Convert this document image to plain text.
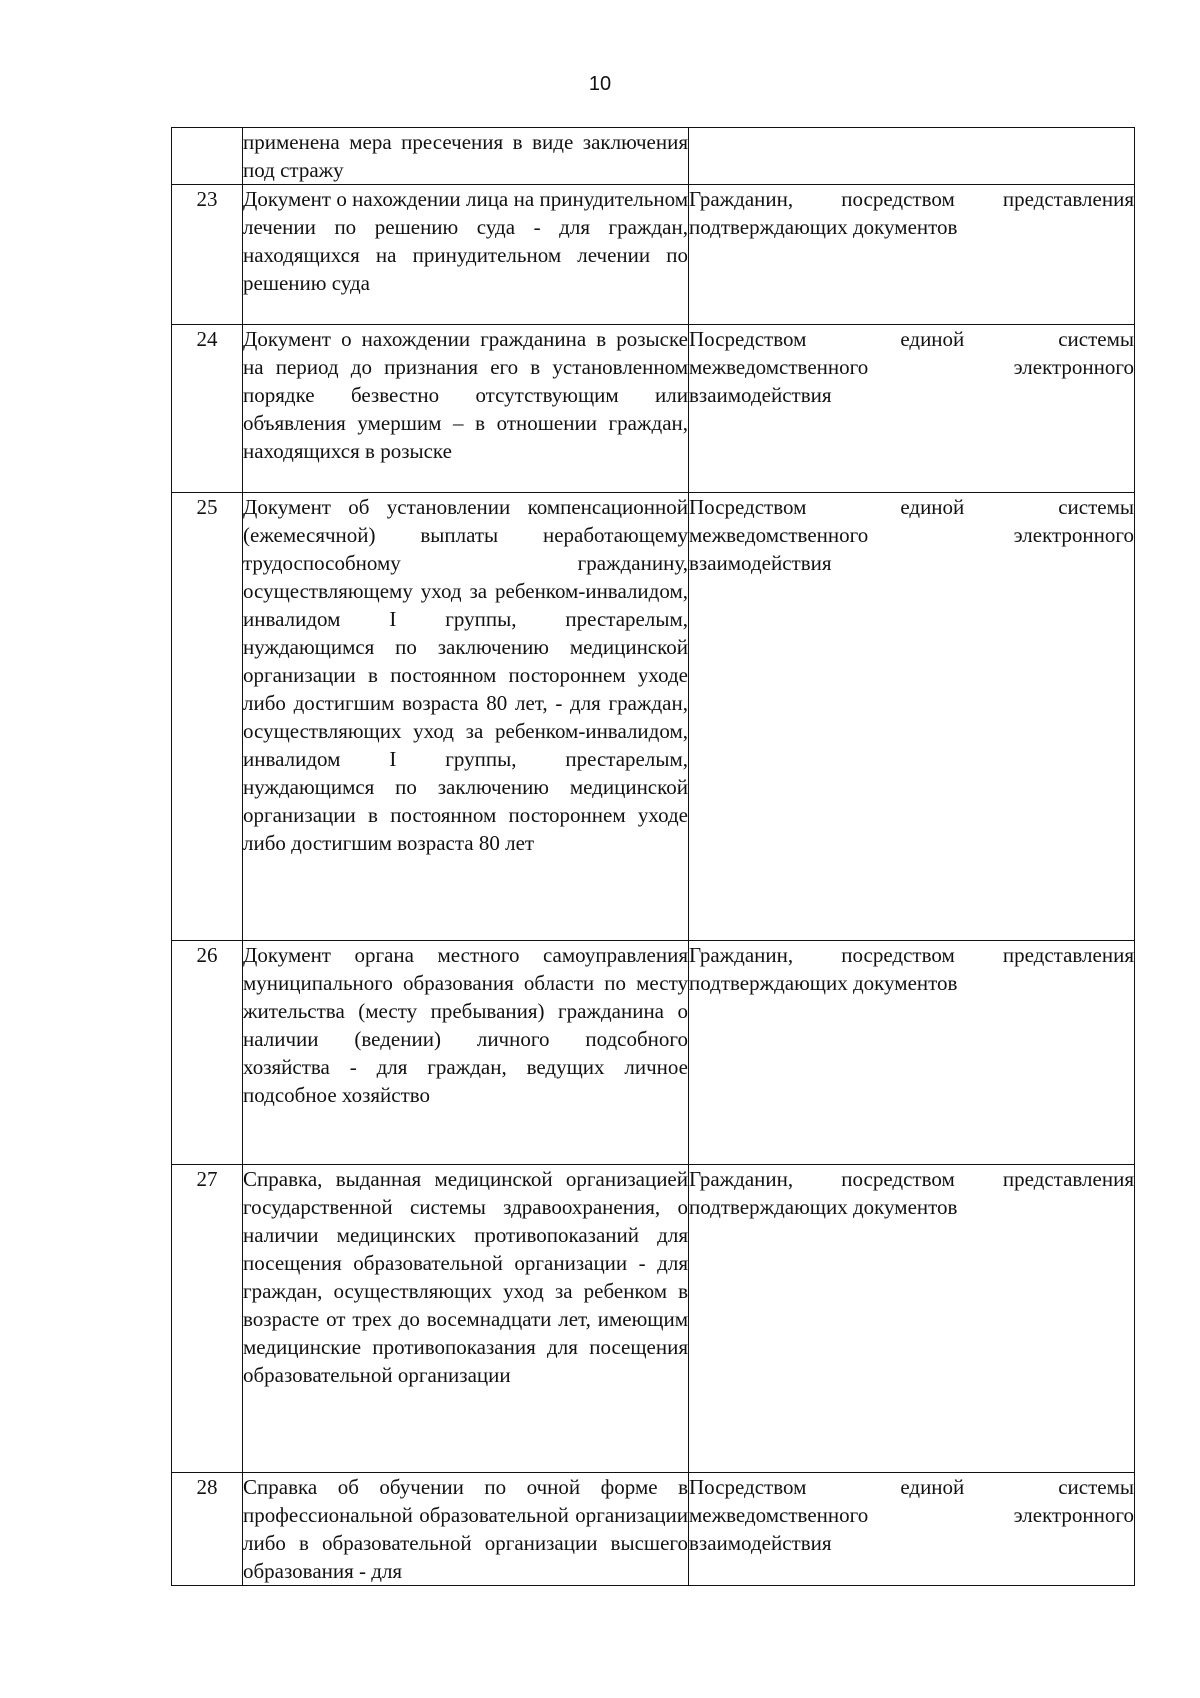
10
	применена мера пресечения в виде заключения под стражу	
23	Документ о нахождении лица на принудительном лечении по решению суда - для граждан, находящихся на принудительном лечении по решению суда	Гражданин, посредством представления подтверждающих документов
24	Документ о нахождении гражданина в розыске на период до признания его в установленном порядке безвестно отсутствующим или объявления умершим – в отношении граждан, находящихся в розыске	Посредством единой системы межведомственного электронного взаимодействия
25	Документ об установлении компенсационной (ежемесячной) выплаты неработающему трудоспособному гражданину, осуществляющему уход за ребенком-инвалидом, инвалидом I группы, престарелым, нуждающимся по заключению медицинской организации в постоянном постороннем уходе либо достигшим возраста 80 лет, - для граждан, осуществляющих уход за ребенком-инвалидом, инвалидом I группы, престарелым, нуждающимся по заключению медицинской организации в постоянном постороннем уходе либо достигшим возраста 80 лет	Посредством единой системы межведомственного электронного взаимодействия
26	Документ органа местного самоуправления муниципального образования области по месту жительства (месту пребывания) гражданина о наличии (ведении) личного подсобного хозяйства - для граждан, ведущих личное подсобное хозяйство	Гражданин, посредством представления подтверждающих документов
27	Справка, выданная медицинской организацией государственной системы здравоохранения, о наличии медицинских противопоказаний для посещения образовательной организации - для граждан, осуществляющих уход за ребенком в возрасте от трех до восемнадцати лет, имеющим медицинские противопоказания для посещения образовательной организации	Гражданин, посредством представления подтверждающих документов
28	Справка об обучении по очной форме в профессиональной образовательной организации либо в образовательной организации высшего образования - для	Посредством единой системы межведомственного электронного взаимодействия
